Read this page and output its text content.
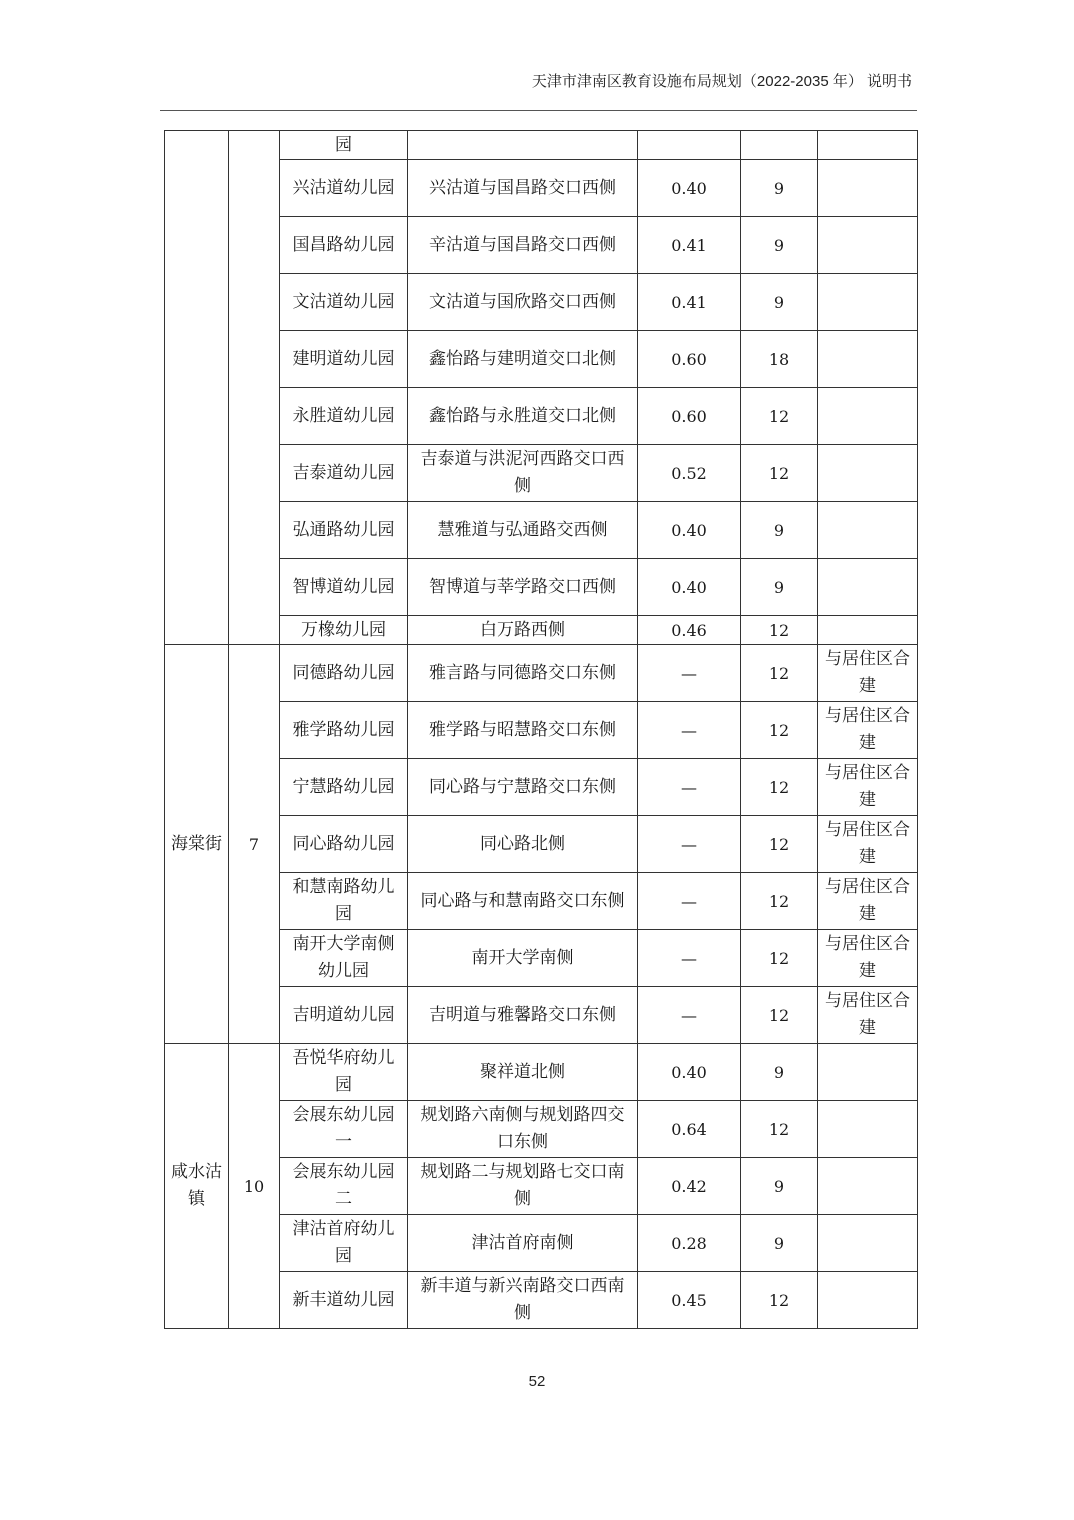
天津市津南区教育设施布局规划（2022-2035 年） 说明书
		园				
		兴沽道幼儿园	兴沽道与国昌路交口西侧	0.40	9	
		国昌路幼儿园	辛沽道与国昌路交口西侧	0.41	9	
		文沽道幼儿园	文沽道与国欣路交口西侧	0.41	9	
		建明道幼儿园	鑫怡路与建明道交口北侧	0.60	18	
		永胜道幼儿园	鑫怡路与永胜道交口北侧	0.60	12	
		吉泰道幼儿园	吉泰道与洪泥河西路交口西侧	0.52	12	
		弘通路幼儿园	慧雅道与弘通路交西侧	0.40	9	
		智博道幼儿园	智博道与莘学路交口西侧	0.40	9	
		万橡幼儿园	白万路西侧	0.46	12	
海棠街	7	同德路幼儿园	雅言路与同德路交口东侧	—	12	与居住区合建
		雅学路幼儿园	雅学路与昭慧路交口东侧	—	12	与居住区合建
		宁慧路幼儿园	同心路与宁慧路交口东侧	—	12	与居住区合建
		同心路幼儿园	同心路北侧	—	12	与居住区合建
		和慧南路幼儿园	同心路与和慧南路交口东侧	—	12	与居住区合建
		南开大学南侧幼儿园	南开大学南侧	—	12	与居住区合建
		吉明道幼儿园	吉明道与雅馨路交口东侧	—	12	与居住区合建
咸水沽镇	10	吾悦华府幼儿园	聚祥道北侧	0.40	9	
		会展东幼儿园一	规划路六南侧与规划路四交口东侧	0.64	12	
		会展东幼儿园二	规划路二与规划路七交口南侧	0.42	9	
		津沽首府幼儿园	津沽首府南侧	0.28	9	
		新丰道幼儿园	新丰道与新兴南路交口西南侧	0.45	12	
52
